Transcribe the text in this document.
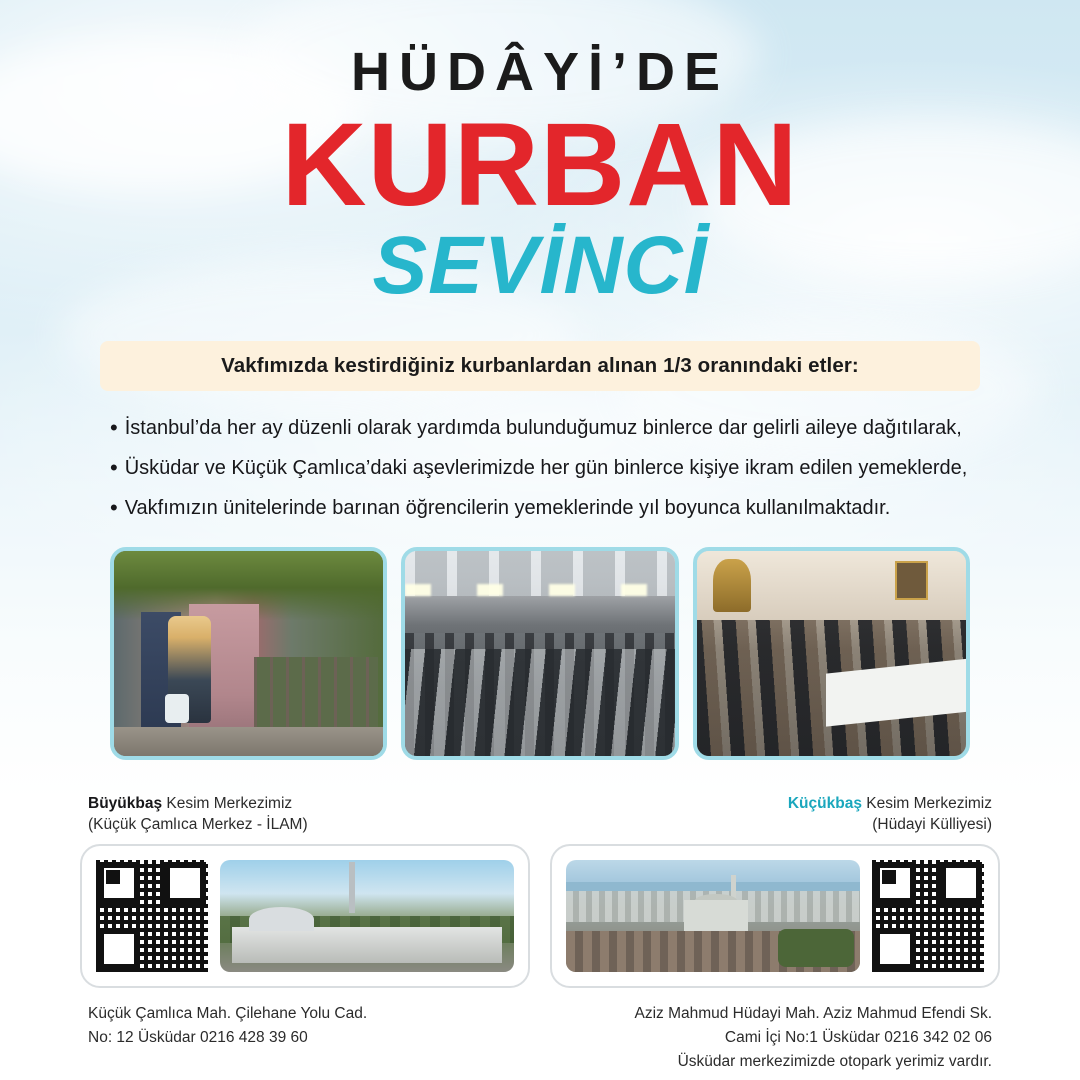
HÜDÂYİ’DE
KURBAN
SEVİNCİ
Vakfımızda kestirdiğiniz kurbanlardan alınan 1/3 oranındaki etler:
• İstanbul’da her ay düzenli olarak yardımda bulunduğumuz binlerce dar gelirli aileye dağıtılarak,
• Üsküdar ve Küçük Çamlıca’daki aşevlerimizde her gün binlerce kişiye ikram edilen yemeklerde,
• Vakfımızın ünitelerinde barınan öğrencilerin yemeklerinde yıl boyunca kullanılmaktadır.
Büyükbaş Kesim Merkezimiz
(Küçük Çamlıca Merkez - İLAM)
Küçükbaş Kesim Merkezimiz
(Hüdayi Külliyesi)
Küçük Çamlıca Mah. Çilehane Yolu Cad.
No: 12 Üsküdar 0216 428 39 60
Aziz Mahmud Hüdayi Mah. Aziz Mahmud Efendi Sk.
Cami İçi No:1 Üsküdar 0216 342 02 06
Üsküdar merkezimizde otopark yerimiz vardır.
